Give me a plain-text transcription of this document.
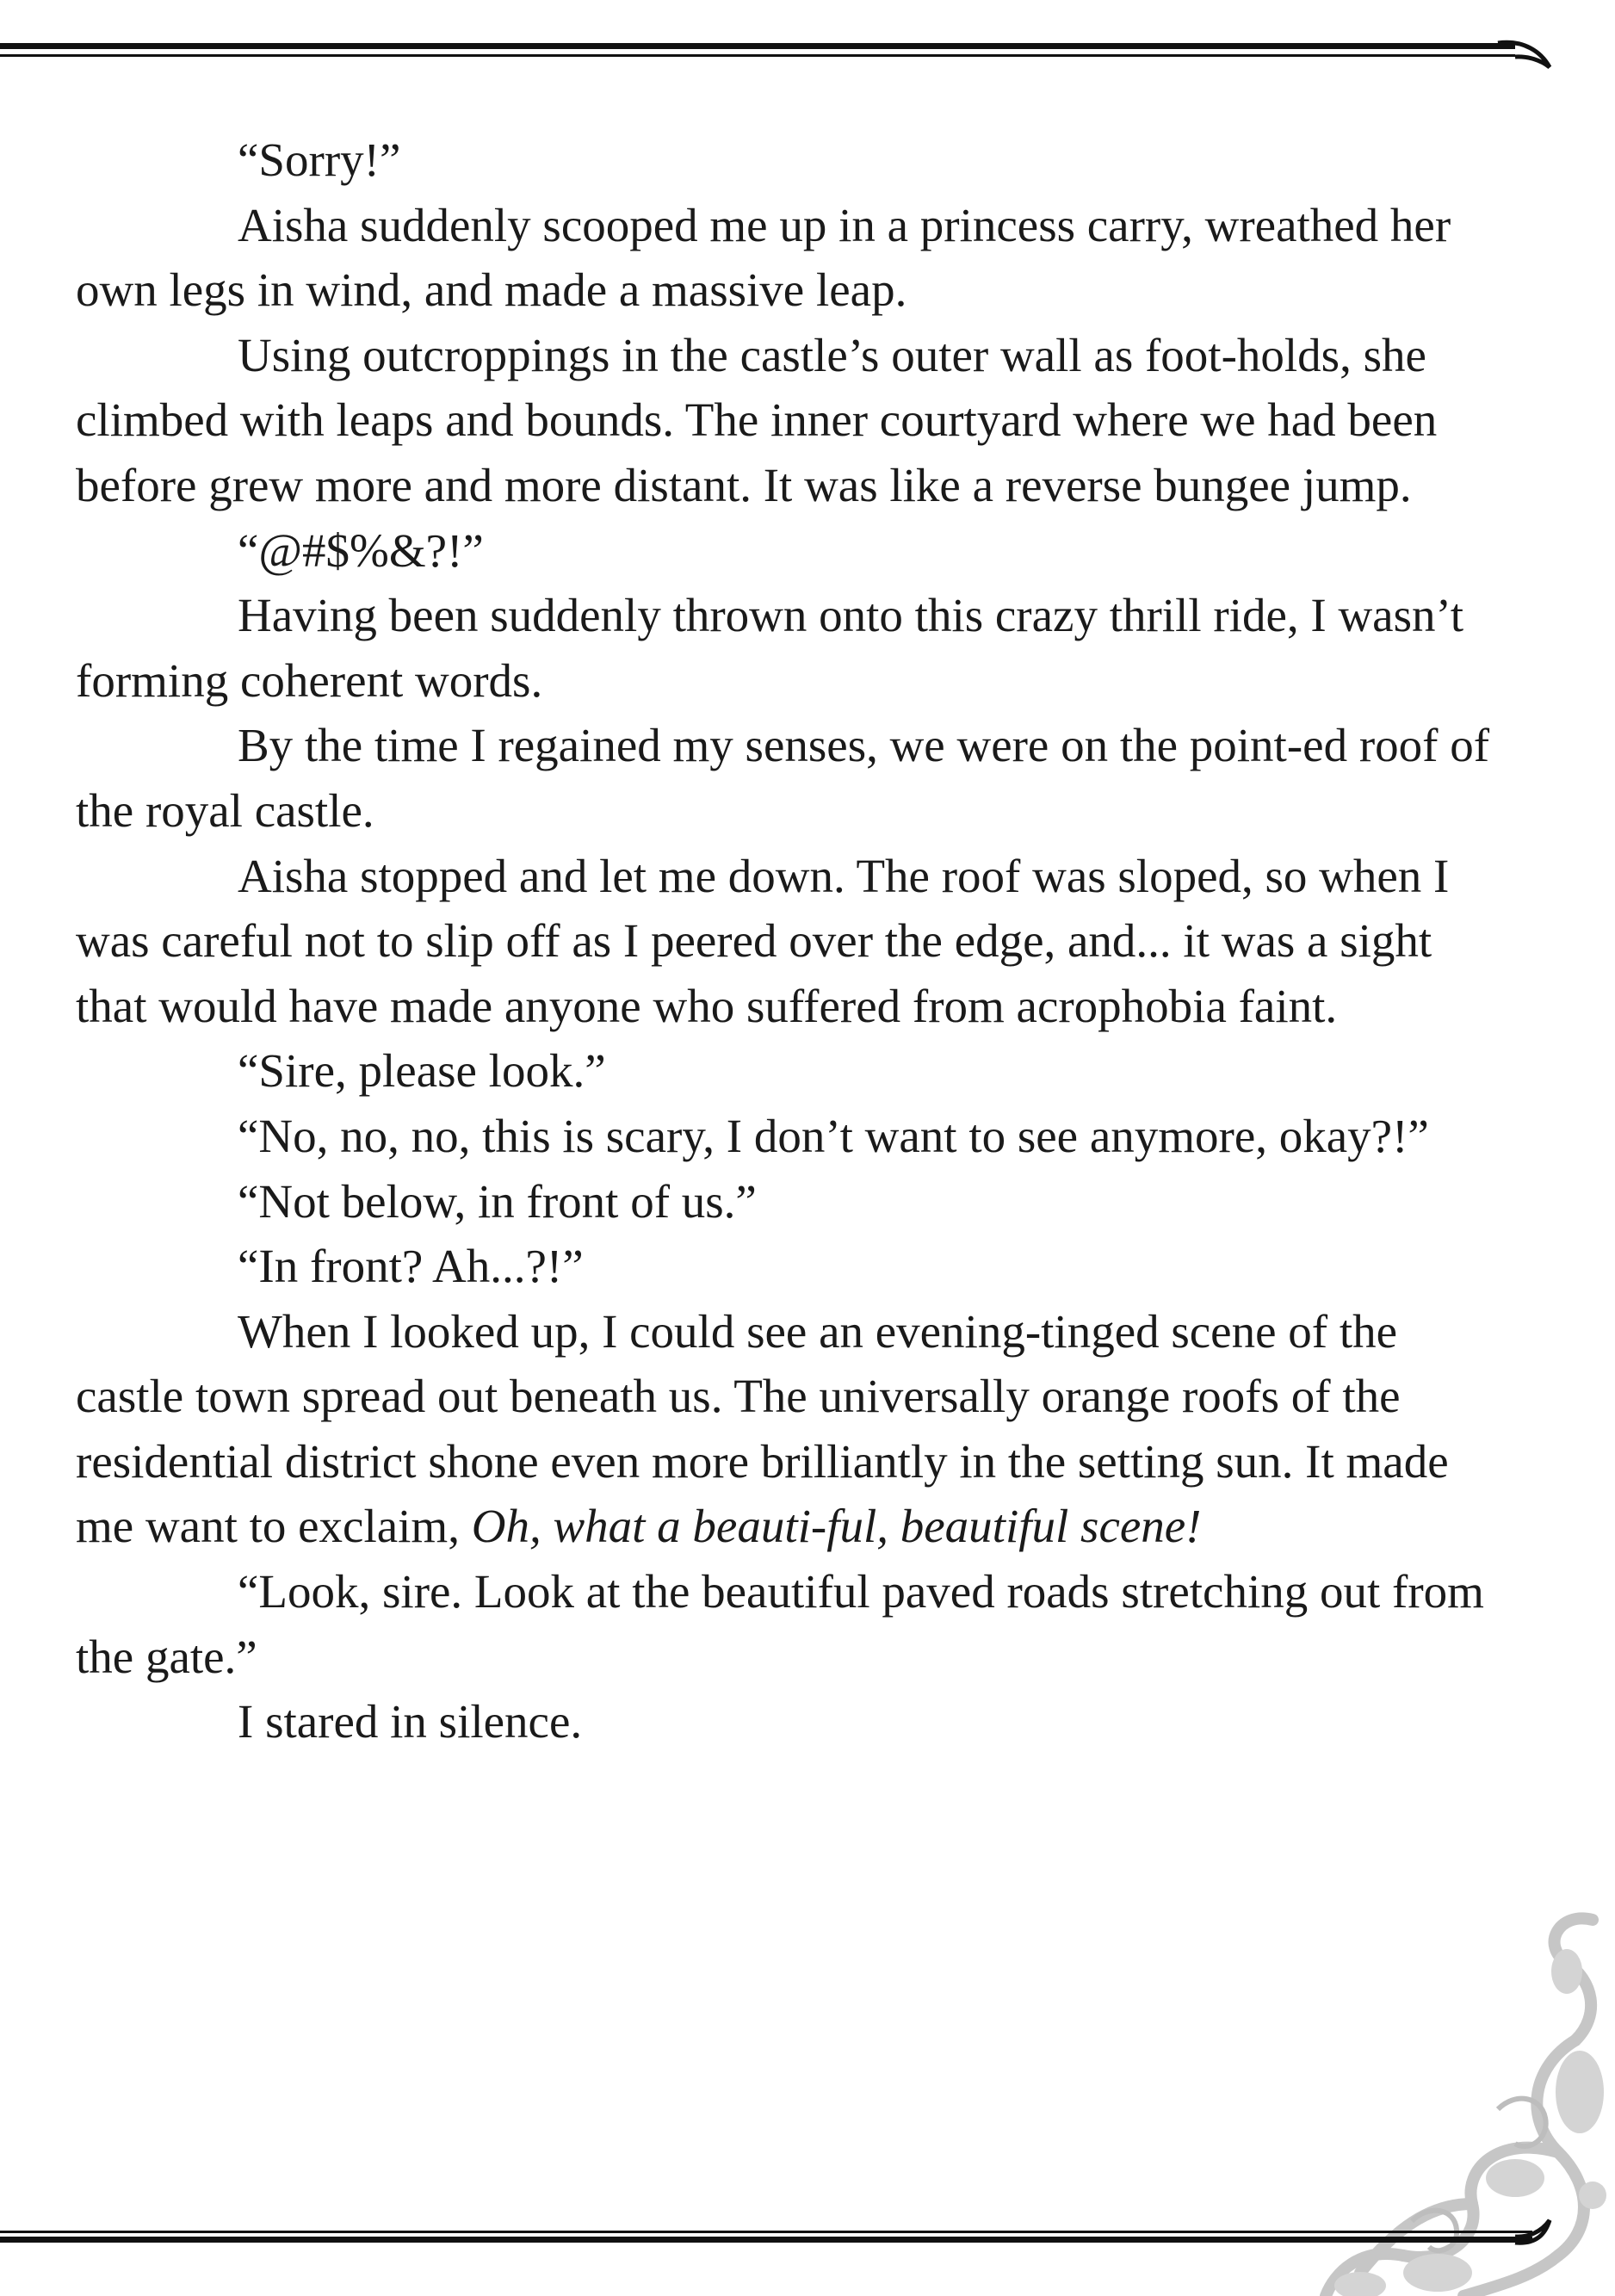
“Sorry!”

Aisha suddenly scooped me up in a princess carry, wreathed her own legs in wind, and made a massive leap.

Using outcroppings in the castle’s outer wall as foot-holds, she climbed with leaps and bounds. The inner courtyard where we had been before grew more and more distant. It was like a reverse bungee jump.

“@#$%&?!”

Having been suddenly thrown onto this crazy thrill ride, I wasn’t forming coherent words.

By the time I regained my senses, we were on the point-ed roof of the royal castle.

Aisha stopped and let me down. The roof was sloped, so when I was careful not to slip off as I peered over the edge, and... it was a sight that would have made anyone who suffered from acrophobia faint.

“Sire, please look.”

“No, no, no, this is scary, I don’t want to see anymore, okay?!”

“Not below, in front of us.”

“In front? Ah...?!”

When I looked up, I could see an evening-tinged scene of the castle town spread out beneath us. The universally orange roofs of the residential district shone even more brilliantly in the setting sun. It made me want to exclaim, Oh, what a beauti-ful, beautiful scene!

“Look, sire. Look at the beautiful paved roads stretching out from the gate.”

I stared in silence.
